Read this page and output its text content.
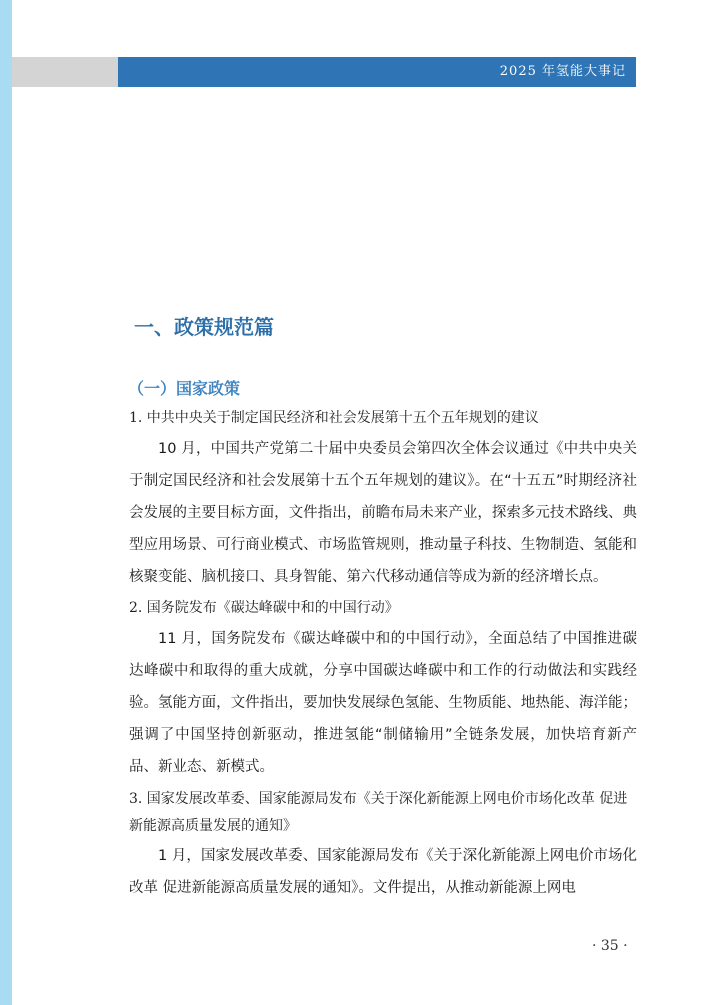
2025 年氢能大事记
一、政策规范篇
（一）国家政策

1. 中共中央关于制定国民经济和社会发展第十五个五年规划的建议

10 月，中国共产党第二十届中央委员会第四次全体会议通过《中共中央关于制定国民经济和社会发展第十五个五年规划的建议》。在“十五五”时期经济社会发展的主要目标方面，文件指出，前瞻布局未来产业，探索多元技术路线、典型应用场景、可行商业模式、市场监管规则，推动量子科技、生物制造、氢能和核聚变能、脑机接口、具身智能、第六代移动通信等成为新的经济增长点。

2. 国务院发布《碳达峰碳中和的中国行动》

11 月，国务院发布《碳达峰碳中和的中国行动》，全面总结了中国推进碳达峰碳中和取得的重大成就，分享中国碳达峰碳中和工作的行动做法和实践经验。氢能方面，文件指出，要加快发展绿色氢能、生物质能、地热能、海洋能；强调了中国坚持创新驱动，推进氢能“制储输用”全链条发展，加快培育新产品、新业态、新模式。

3. 国家发展改革委、国家能源局发布《关于深化新能源上网电价市场化改革 促进新能源高质量发展的通知》

1 月，国家发展改革委、国家能源局发布《关于深化新能源上网电价市场化改革 促进新能源高质量发展的通知》。文件提出，从推动新能源上网电

· 35 ·
